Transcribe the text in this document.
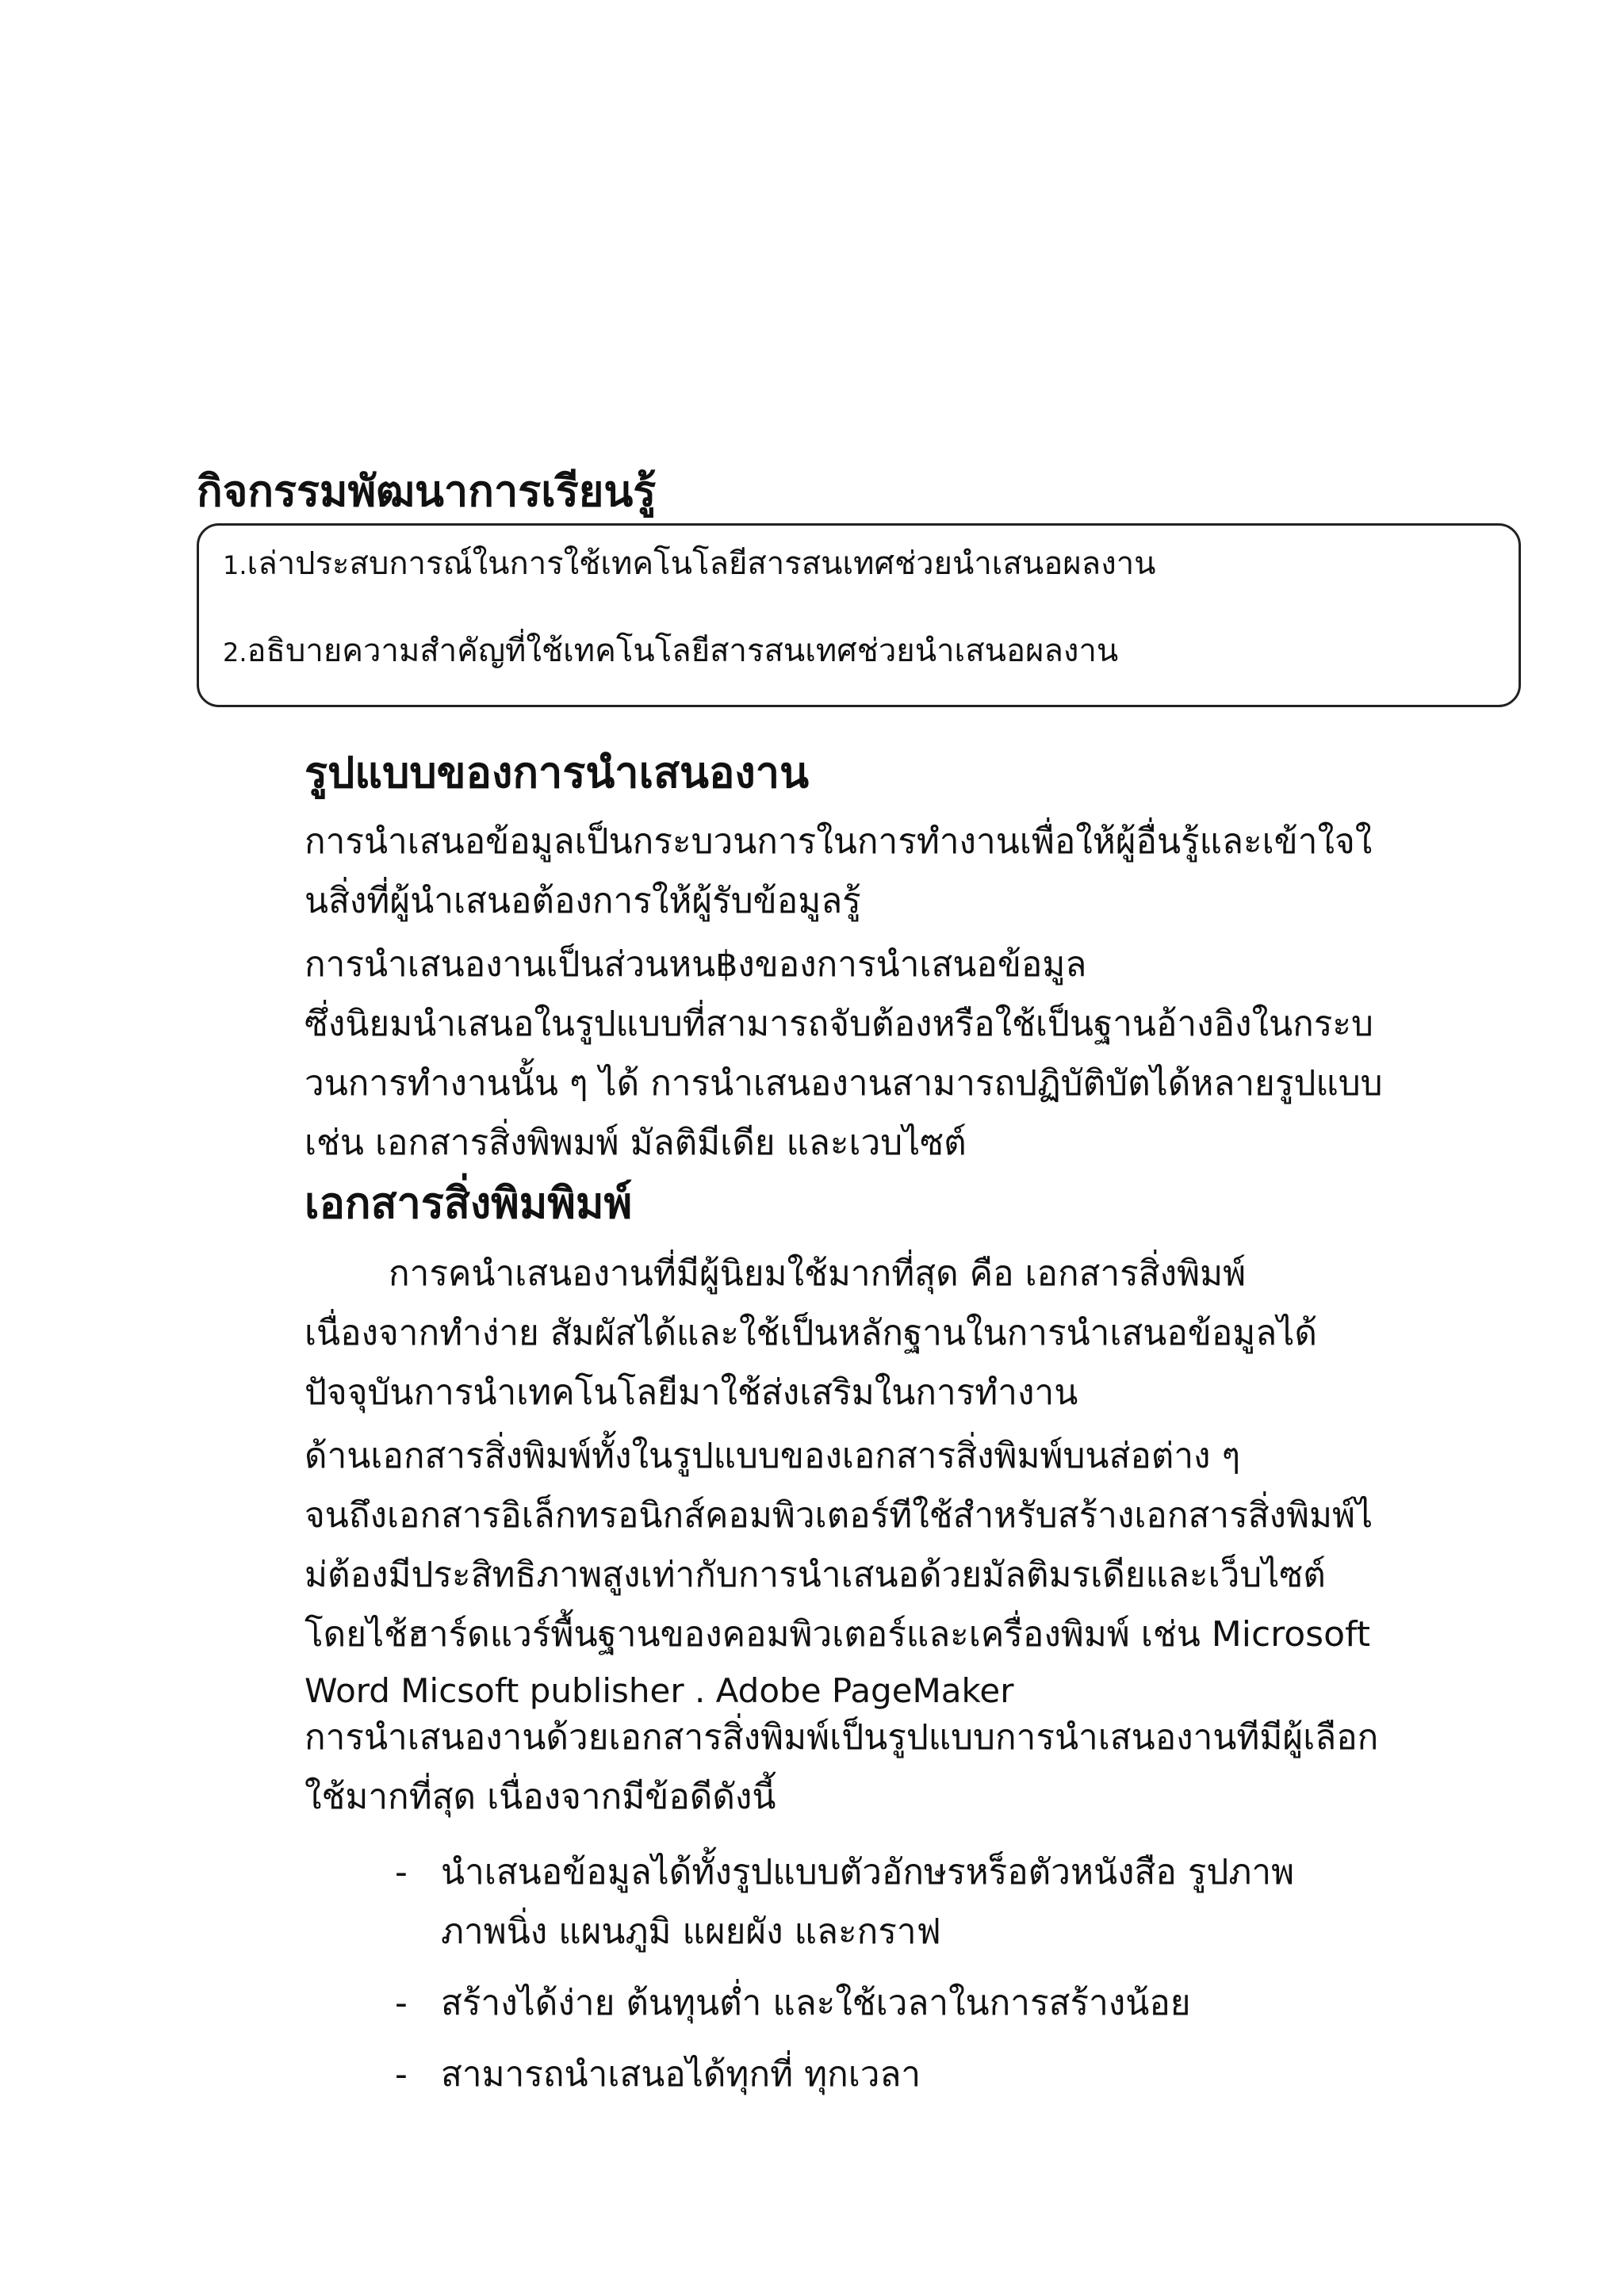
กิจกรรมพัฒนาการเรียนรู้
1.เล่าประสบการณ์ในการใช้เทคโนโลยีสารสนเทศช่วยนำเสนอผลงาน
2.อธิบายความสำคัญที่ใช้เทคโนโลยีสารสนเทศช่วยนำเสนอผลงาน
รูปแบบของการนำเสนองาน
การนำเสนอข้อมูลเป็นกระบวนการในการทำงานเพื่อให้ผู้อื่นรู้และเข้าใจใ
นสิ่งที่ผู้นำเสนอต้องการให้ผู้รับข้อมูลรู้
การนำเสนองานเป็นส่วนหน฿งของการนำเสนอข้อมูล
ซึ่งนิยมนำเสนอในรูปแบบที่สามารถจับต้องหรือใช้เป็นฐานอ้างอิงในกระบ
วนการทำงานนั้น ๆ ได้ การนำเสนองานสามารถปฏิบัติบัตได้หลายรูปแบบ
เช่น เอกสารสิ่งพิพมพ์ มัลติมีเดีย และเวบไซต์
เอกสารสิ่งพิมพิมพ์
การคนำเสนองานที่มีผู้นิยมใช้มากที่สุด คือ เอกสารสิ่งพิมพ์
เนื่องจากทำง่าย สัมผัสได้และใช้เป็นหลักฐานในการนำเสนอข้อมูลได้
ปัจจุบันการนำเทคโนโลยีมาใช้ส่งเสริมในการทำงาน
ด้านเอกสารสิ่งพิมพ์ทั้งในรูปแบบของเอกสารสิ่งพิมพ์บนส่อต่าง ๆ
จนถึงเอกสารอิเล็กทรอนิกส์คอมพิวเตอร์ทีใช้สำหรับสร้างเอกสารสิ่งพิมพ์ไ
ม่ต้องมีประสิทธิภาพสูงเท่ากับการนำเสนอด้วยมัลติมรเดียและเว็บไซต์
โดยไช้ฮาร์ดแวร์พื้นฐานของคอมพิวเตอร์และเครื่องพิมพ์ เช่น Microsoft
Word Micsoft publisher . Adobe PageMaker
การนำเสนองานด้วยเอกสารสิ่งพิมพ์เป็นรูปแบบการนำเสนองานทีมีผู้เลือก
ใช้มากที่สุด เนื่องจากมีข้อดีดังนี้
- นำเสนอข้อมูลได้ทั้งรูปแบบตัวอักษรหร็อตัวหนังสือ รูปภาพ
ภาพนิ่ง แผนภูมิ แผยผัง และกราฟ
- สร้างได้ง่าย ต้นทุนต่ำ และใช้เวลาในการสร้างน้อย
- สามารถนำเสนอได้ทุกที่ ทุกเวลา
